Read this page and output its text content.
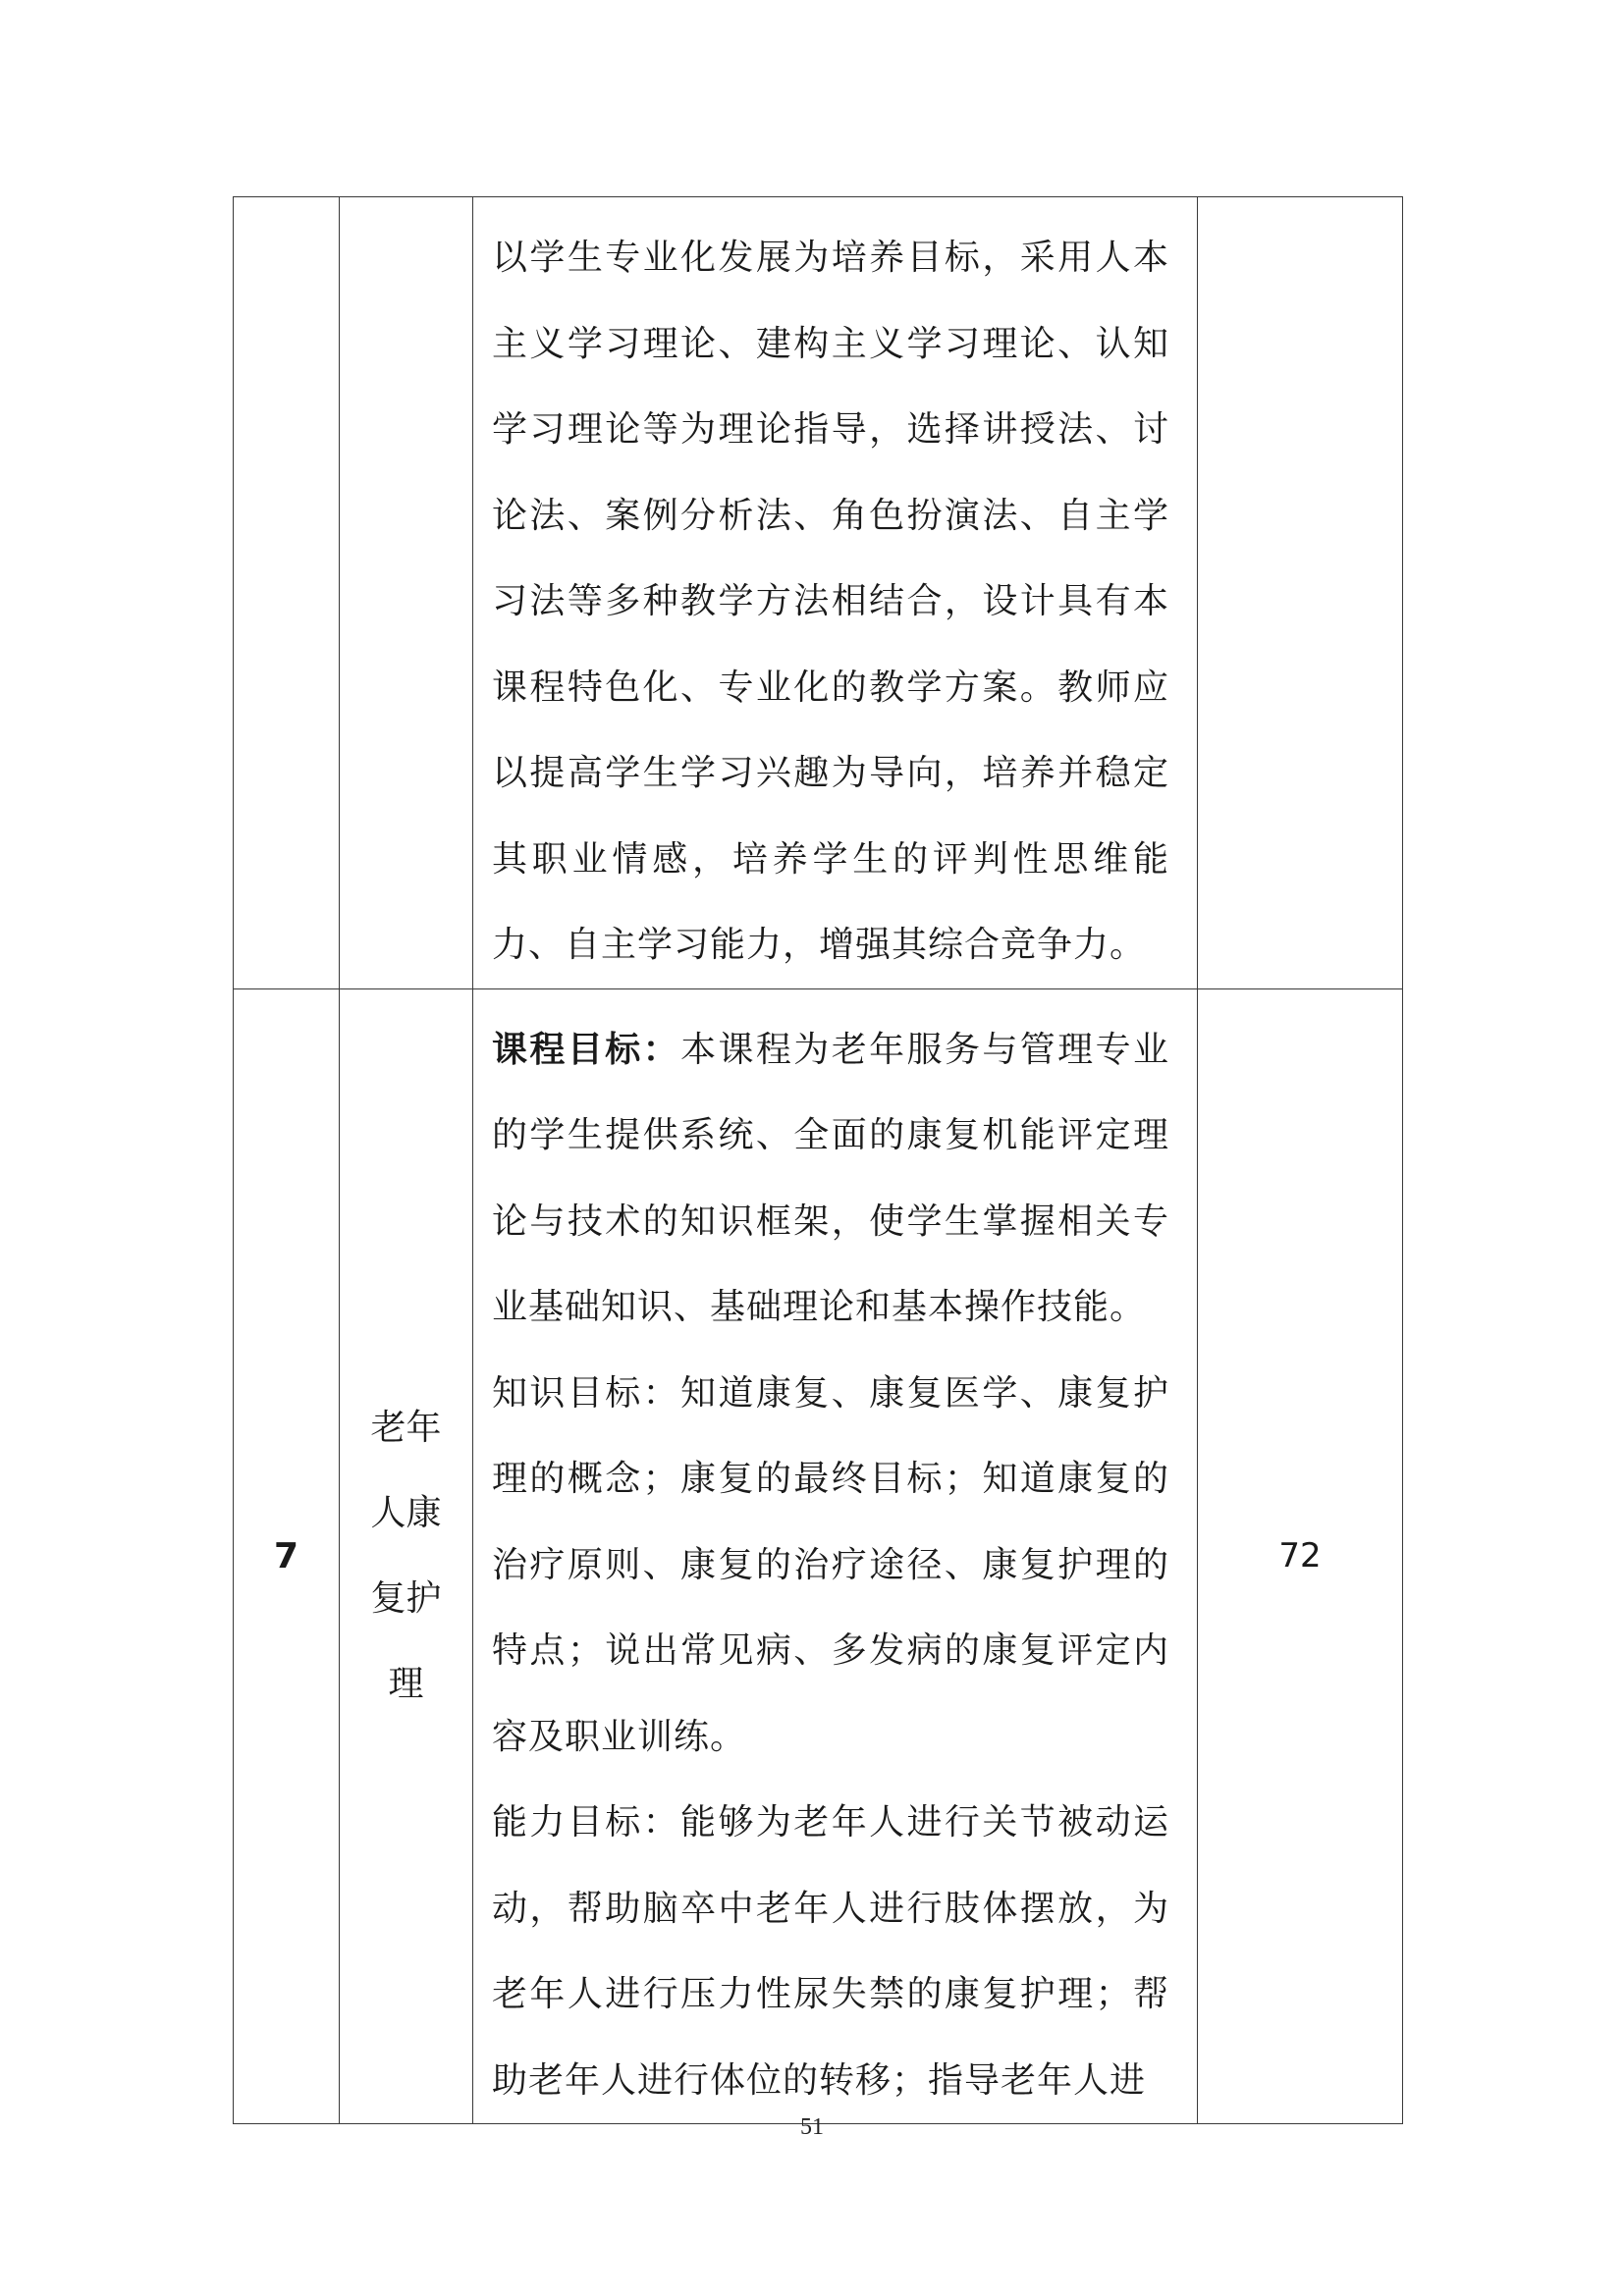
		以学生专业化发展为培养目标，采用人本主义学习理论、建构主义学习理论、认知学习理论等为理论指导，选择讲授法、讨论法、案例分析法、角色扮演法、自主学习法等多种教学方法相结合，设计具有本课程特色化、专业化的教学方案。教师应以提高学生学习兴趣为导向，培养并稳定其职业情感，培养学生的评判性思维能力、自主学习能力，增强其综合竞争力。	

7	老年人康复护理	课程目标：本课程为老年服务与管理专业的学生提供系统、全面的康复机能评定理论与技术的知识框架，使学生掌握相关专业基础知识、基础理论和基本操作技能。

知识目标：知道康复、康复医学、康复护理的概念；康复的最终目标；知道康复的治疗原则、康复的治疗途径、康复护理的特点；说出常见病、多发病的康复评定内容及职业训练。

能力目标：能够为老年人进行关节被动运动，帮助脑卒中老年人进行肢体摆放，为老年人进行压力性尿失禁的康复护理；帮助老年人进行体位的转移；指导老年人进	72
51
